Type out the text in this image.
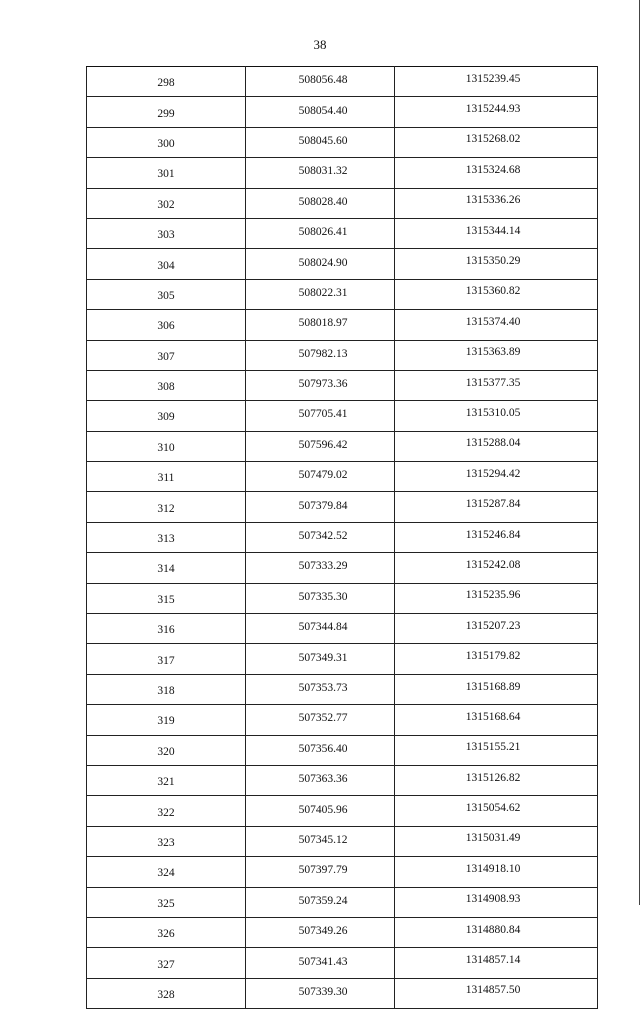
38
298	508056.48	1315239.45
299	508054.40	1315244.93
300	508045.60	1315268.02
301	508031.32	1315324.68
302	508028.40	1315336.26
303	508026.41	1315344.14
304	508024.90	1315350.29
305	508022.31	1315360.82
306	508018.97	1315374.40
307	507982.13	1315363.89
308	507973.36	1315377.35
309	507705.41	1315310.05
310	507596.42	1315288.04
311	507479.02	1315294.42
312	507379.84	1315287.84
313	507342.52	1315246.84
314	507333.29	1315242.08
315	507335.30	1315235.96
316	507344.84	1315207.23
317	507349.31	1315179.82
318	507353.73	1315168.89
319	507352.77	1315168.64
320	507356.40	1315155.21
321	507363.36	1315126.82
322	507405.96	1315054.62
323	507345.12	1315031.49
324	507397.79	1314918.10
325	507359.24	1314908.93
326	507349.26	1314880.84
327	507341.43	1314857.14
328	507339.30	1314857.50
